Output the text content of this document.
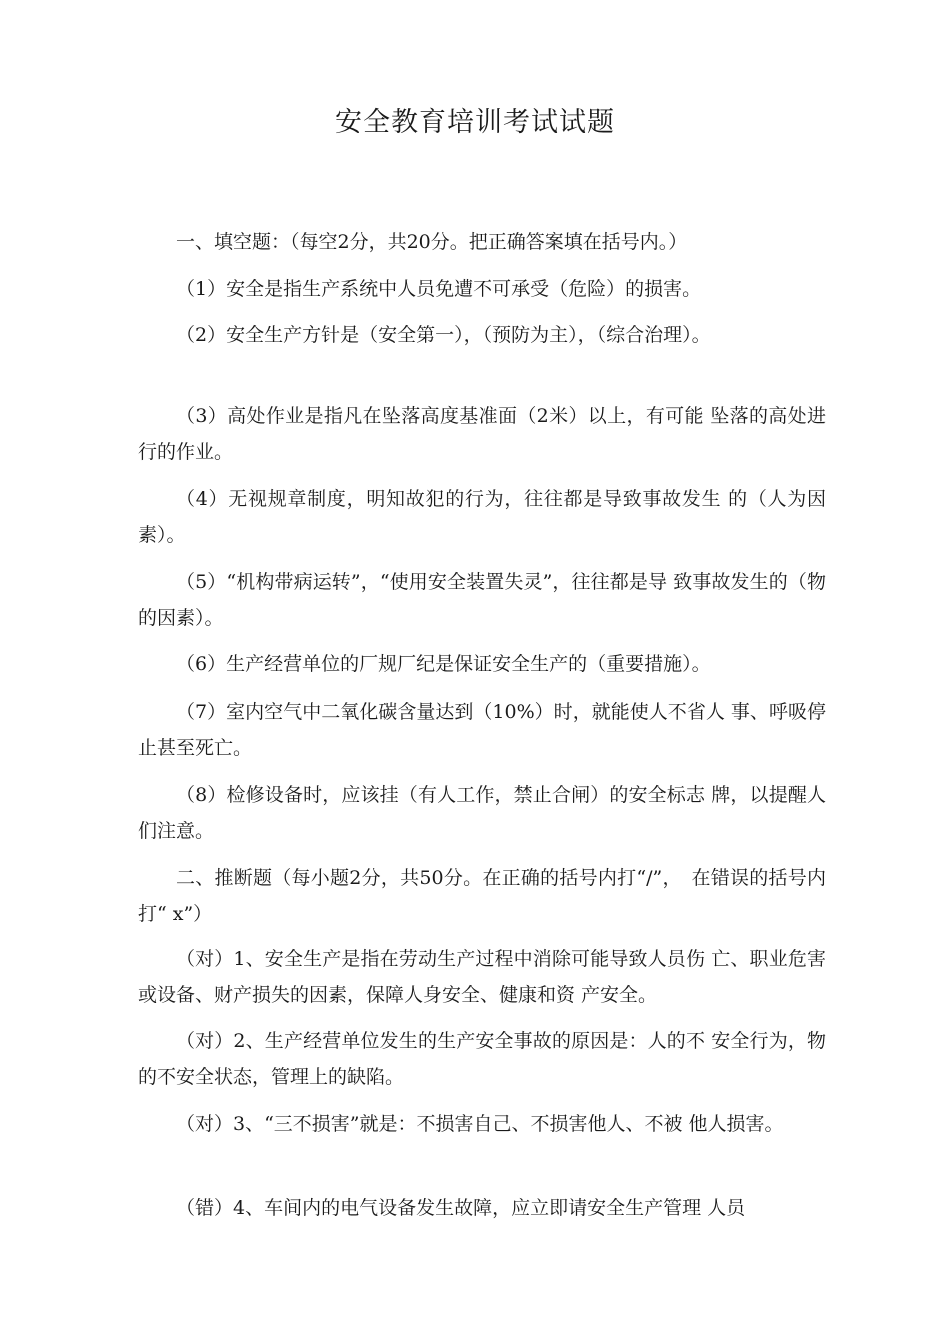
安全教育培训考试试题

一、填空题：（每空2分，共20分。把正确答案填在括号内。）

（1）安全是指生产系统中人员免遭不可承受（危险）的损害。

（2）安全生产方针是（安全第一），（预防为主），（综合治理）。

（3）高处作业是指凡在坠落高度基准面（2米）以上，有可能 坠落的高处进行的作业。

（4）无视规章制度，明知故犯的行为，往往都是导致事故发生 的（人为因素）。

（5）“机构带病运转”，“使用安全装置失灵”，往往都是导 致事故发生的（物的因素）。

（6）生产经营单位的厂规厂纪是保证安全生产的（重要措施）。

（7）室内空气中二氧化碳含量达到（10%）时，就能使人不省人 事、呼吸停止甚至死亡。

（8）检修设备时，应该挂（有人工作，禁止合闸）的安全标志 牌，以提醒人们注意。

二、推断题（每小题2分，共50分。在正确的括号内打“/”，　在错误的括号内打“ x”）

（对）1、安全生产是指在劳动生产过程中消除可能导致人员伤 亡、职业危害或设备、财产损失的因素，保障人身安全、健康和资 产安全。

（对）2、生产经营单位发生的生产安全事故的原因是：人的不 安全行为，物的不安全状态，管理上的缺陷。

（对）3、“三不损害”就是：不损害自己、不损害他人、不被 他人损害。

（错）4、车间内的电气设备发生故障，应立即请安全生产管理 人员
